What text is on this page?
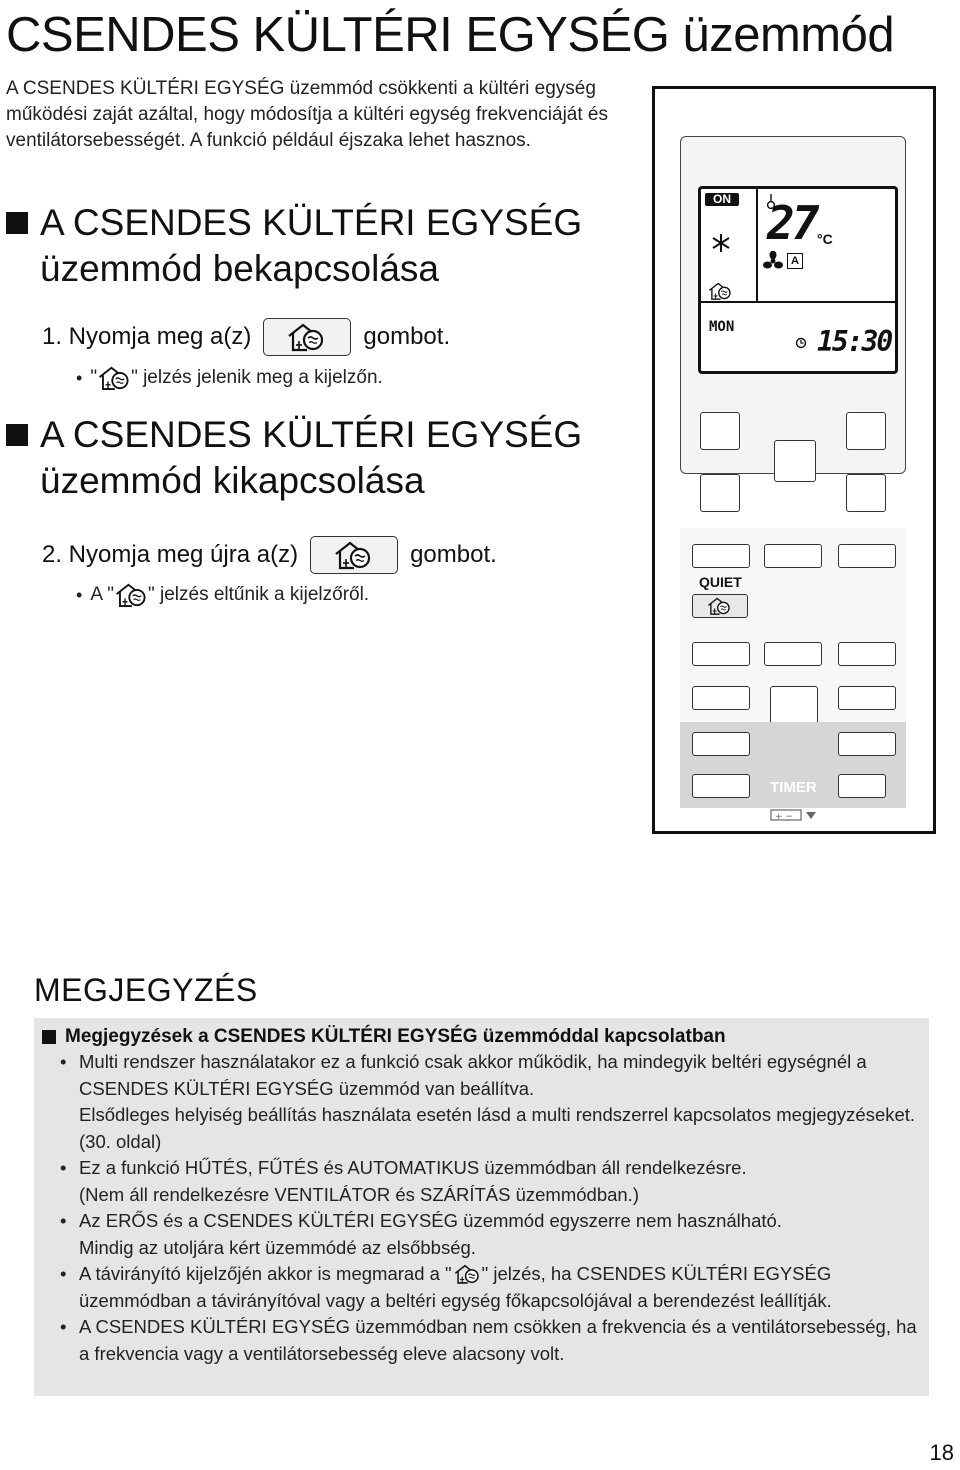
CSENDES KÜLTÉRI EGYSÉG üzemmód
A CSENDES KÜLTÉRI EGYSÉG üzemmód csökkenti a kültéri egység működési zaját azáltal, hogy módosítja a kültéri egység frekvenciáját és ventilátorsebességét. A funkció például éjszaka lehet hasznos.
A CSENDES KÜLTÉRI EGYSÉG
üzemmód bekapcsolása
1. Nyomja meg a(z)	gombot.
• " " jelzés jelenik meg a kijelzőn.
A CSENDES KÜLTÉRI EGYSÉG
üzemmód kikapcsolása
2. Nyomja meg újra a(z)	gombot.
• A " " jelzés eltűnik a kijelzőről.
ON 27 °C
A
MON	15:30
QUIET
TIMER
+ −
MEGJEGYZÉS
Megjegyzések a CSENDES KÜLTÉRI EGYSÉG üzemmóddal kapcsolatban

• Multi rendszer használatakor ez a funkció csak akkor működik, ha mindegyik beltéri egységnél a CSENDES KÜLTÉRI EGYSÉG üzemmód van beállítva.

Elsődleges helyiség beállítás használata esetén lásd a multi rendszerrel kapcsolatos megjegyzéseket. (30. oldal)

• Ez a funkció HŰTÉS, FŰTÉS és AUTOMATIKUS üzemmódban áll rendelkezésre.

(Nem áll rendelkezésre VENTILÁTOR és SZÁRÍTÁS üzemmódban.)

• Az ERŐS és a CSENDES KÜLTÉRI EGYSÉG üzemmód egyszerre nem használható.

Mindig az utoljára kért üzemmódé az elsőbbség.

• A távirányító kijelzőjén akkor is megmarad a " " jelzés, ha CSENDES KÜLTÉRI EGYSÉG üzemmódban a távirányítóval vagy a beltéri egység főkapcsolójával a berendezést leállítják.

• A CSENDES KÜLTÉRI EGYSÉG üzemmódban nem csökken a frekvencia és a ventilátorsebesség, ha a frekvencia vagy a ventilátorsebesség eleve alacsony volt.

18
